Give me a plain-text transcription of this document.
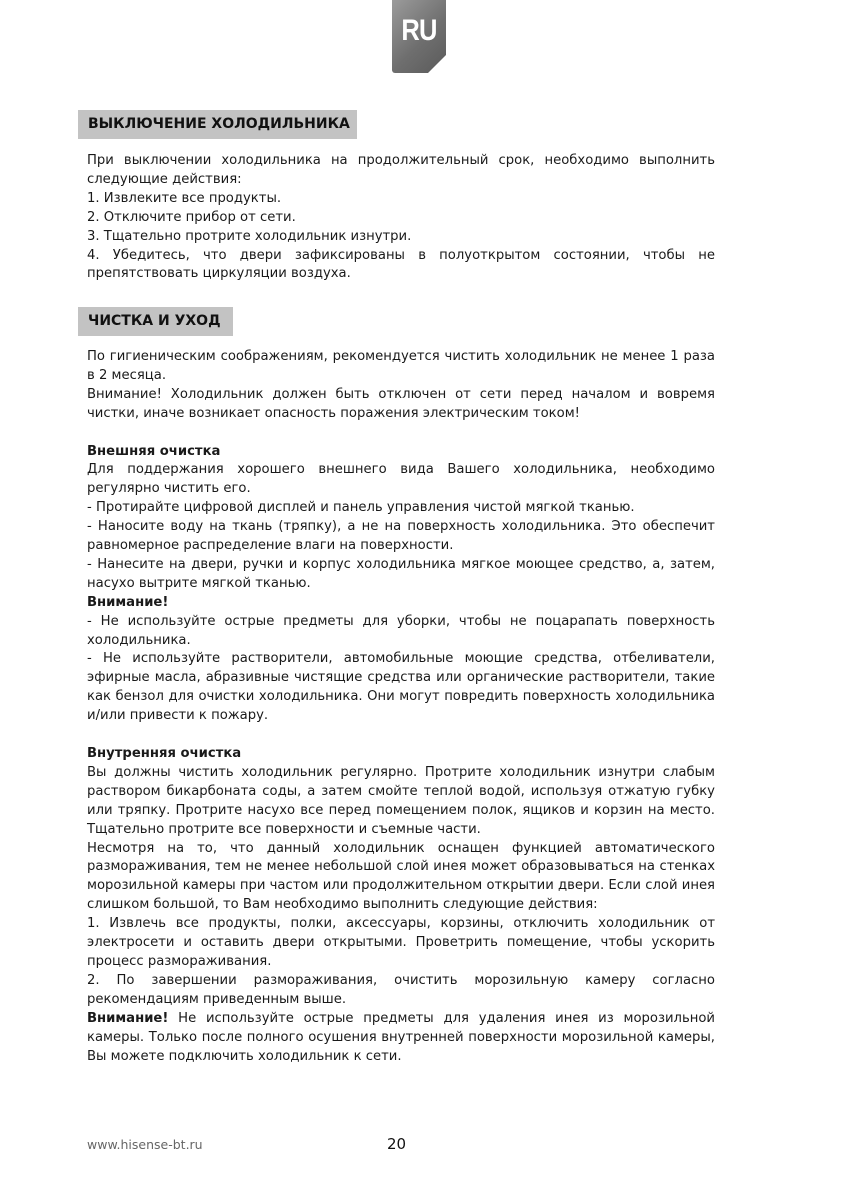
RU
ВЫКЛЮЧЕНИЕ ХОЛОДИЛЬНИКА

При выключении холодильника на продолжительный срок, необходимо выполнить следующие действия:

1. Извлеките все продукты.

2. Отключите прибор от сети.

3. Тщательно протрите холодильник изнутри.

4. Убедитесь, что двери зафиксированы в полуоткрытом состоянии, чтобы не препятствовать циркуляции воздуха.

ЧИСТКА И УХОД

По гигиеническим соображениям, рекомендуется чистить холодильник не менее 1 раза в 2 месяца.

Внимание! Холодильник должен быть отключен от сети перед началом и вовремя чистки, иначе возникает опасность поражения электрическим током!

Внешняя очистка

Для поддержания хорошего внешнего вида Вашего холодильника, необходимо регулярно чистить его.

- Протирайте цифровой дисплей и панель управления чистой мягкой тканью.

- Наносите воду на ткань (тряпку), а не на поверхность холодильника. Это обеспечит равномерное распределение влаги на поверхности.

- Нанесите на двери, ручки и корпус холодильника мягкое моющее средство, а, затем, насухо вытрите мягкой тканью.

Внимание!

- Не используйте острые предметы для уборки, чтобы не поцарапать поверхность холодильника.

- Не используйте растворители, автомобильные моющие средства, отбеливатели, эфирные масла, абразивные чистящие средства или органические растворители, такие как бензол для очистки холодильника. Они могут повредить поверхность холодильника и/или привести к пожару.

Внутренняя очистка

Вы должны чистить холодильник регулярно. Протрите холодильник изнутри слабым раствором бикарбоната соды, а затем смойте теплой водой, используя отжатую губку или тряпку. Протрите насухо все перед помещением полок, ящиков и корзин на место. Тщательно протрите все поверхности и съемные части.

Несмотря на то, что данный холодильник оснащен функцией автоматического размораживания, тем не менее небольшой слой инея может образовываться на стенках морозильной камеры при частом или продолжительном открытии двери. Если слой инея слишком большой, то Вам необходимо выполнить следующие действия:

1. Извлечь все продукты, полки, аксессуары, корзины, отключить холодильник от электросети и оставить двери открытыми. Проветрить помещение, чтобы ускорить процесс размораживания.

2. По завершении размораживания, очистить морозильную камеру согласно рекомендациям приведенным выше.

Внимание! Не используйте острые предметы для удаления инея из морозильной камеры. Только после полного осушения внутренней поверхности морозильной камеры, Вы можете подключить холодильник к сети.

www.hisense-bt.ru	20
